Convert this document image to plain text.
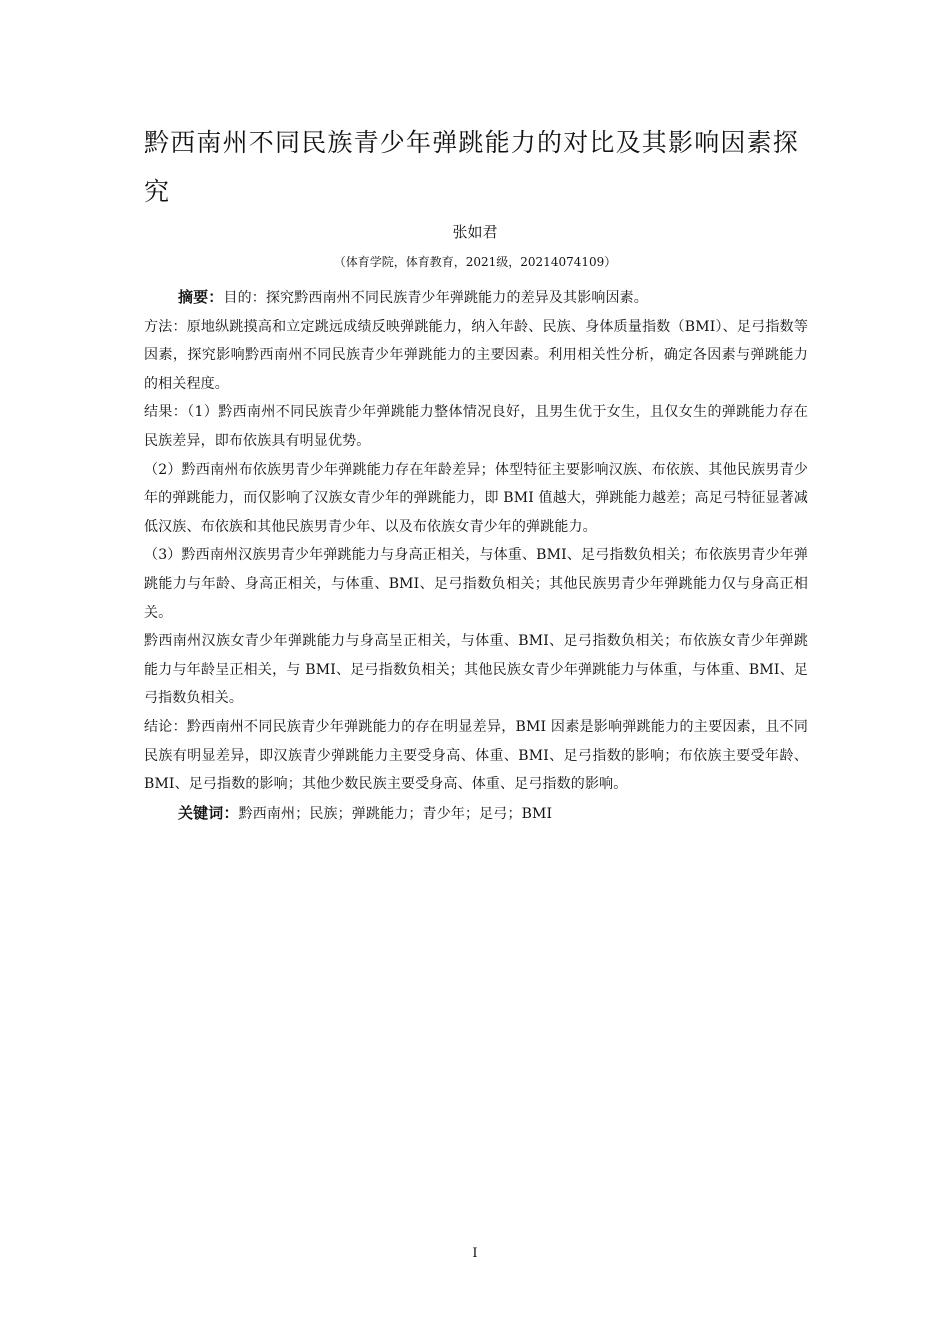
黔西南州不同民族青少年弹跳能力的对比及其影响因素探究
张如君
（体育学院，体育教育，2021级，20214074109）

摘要：目的：探究黔西南州不同民族青少年弹跳能力的差异及其影响因素。

方法：原地纵跳摸高和立定跳远成绩反映弹跳能力，纳入年龄、民族、身体质量指数（BMI）、足弓指数等因素，探究影响黔西南州不同民族青少年弹跳能力的主要因素。利用相关性分析，确定各因素与弹跳能力的相关程度。

结果：（1）黔西南州不同民族青少年弹跳能力整体情况良好，且男生优于女生，且仅女生的弹跳能力存在民族差异，即布依族具有明显优势。

（2）黔西南州布依族男青少年弹跳能力存在年龄差异；体型特征主要影响汉族、布依族、其他民族男青少年的弹跳能力，而仅影响了汉族女青少年的弹跳能力，即 BMI 值越大，弹跳能力越差；高足弓特征显著减低汉族、布依族和其他民族男青少年、以及布依族女青少年的弹跳能力。

（3）黔西南州汉族男青少年弹跳能力与身高正相关，与体重、BMI、足弓指数负相关；布依族男青少年弹跳能力与年龄、身高正相关，与体重、BMI、足弓指数负相关；其他民族男青少年弹跳能力仅与身高正相关。

黔西南州汉族女青少年弹跳能力与身高呈正相关，与体重、BMI、足弓指数负相关；布依族女青少年弹跳能力与年龄呈正相关，与 BMI、足弓指数负相关；其他民族女青少年弹跳能力与体重，与体重、BMI、足弓指数负相关。

结论：黔西南州不同民族青少年弹跳能力的存在明显差异，BMI 因素是影响弹跳能力的主要因素，且不同民族有明显差异，即汉族青少弹跳能力主要受身高、体重、BMI、足弓指数的影响；布依族主要受年龄、BMI、足弓指数的影响；其他少数民族主要受身高、体重、足弓指数的影响。

关键词：黔西南州；民族；弹跳能力；青少年；足弓；BMI

I
